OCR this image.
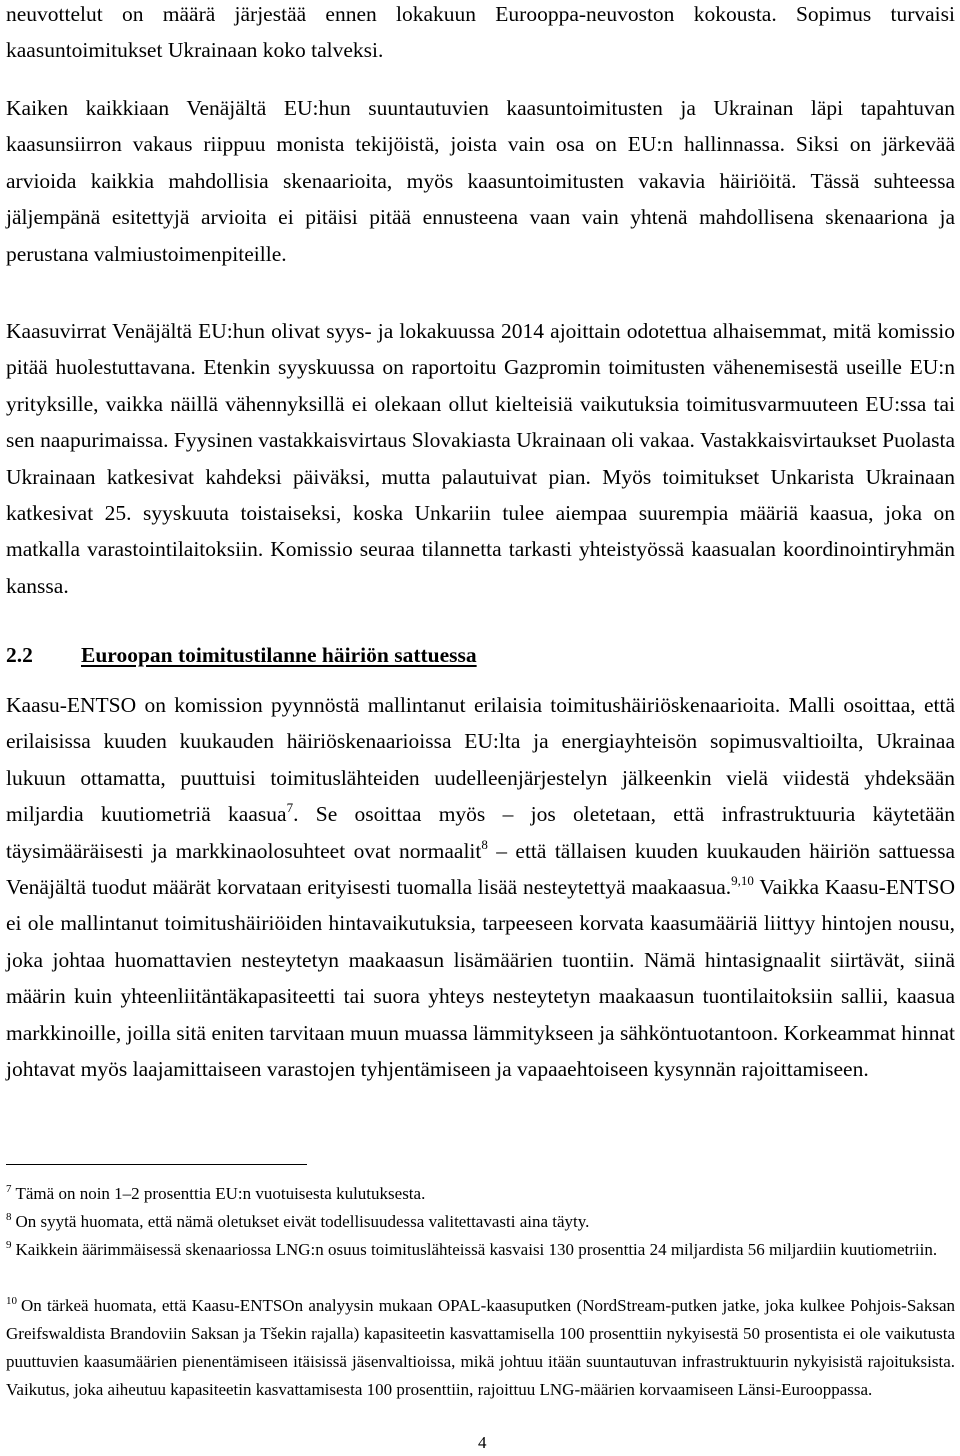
neuvottelut on määrä järjestää ennen lokakuun Eurooppa-neuvoston kokousta. Sopimus turvaisi kaasuntoimitukset Ukrainaan koko talveksi.

Kaiken kaikkiaan Venäjältä EU:hun suuntautuvien kaasuntoimitusten ja Ukrainan läpi tapahtuvan kaasunsiirron vakaus riippuu monista tekijöistä, joista vain osa on EU:n hallinnassa. Siksi on järkevää arvioida kaikkia mahdollisia skenaarioita, myös kaasuntoimitusten vakavia häiriöitä. Tässä suhteessa jäljempänä esitettyjä arvioita ei pitäisi pitää ennusteena vaan vain yhtenä mahdollisena skenaariona ja perustana valmiustoimenpiteille.

Kaasuvirrat Venäjältä EU:hun olivat syys- ja lokakuussa 2014 ajoittain odotettua alhaisemmat, mitä komissio pitää huolestuttavana. Etenkin syyskuussa on raportoitu Gazpromin toimitusten vähenemisestä useille EU:n yrityksille, vaikka näillä vähennyksillä ei olekaan ollut kielteisiä vaikutuksia toimitusvarmuuteen EU:ssa tai sen naapurimaissa. Fyysinen vastakkaisvirtaus Slovakiasta Ukrainaan oli vakaa. Vastakkaisvirtaukset Puolasta Ukrainaan katkesivat kahdeksi päiväksi, mutta palautuivat pian. Myös toimitukset Unkarista Ukrainaan katkesivat 25. syyskuuta toistaiseksi, koska Unkariin tulee aiempaa suurempia määriä kaasua, joka on matkalla varastointilaitoksiin. Komissio seuraa tilannetta tarkasti yhteistyössä kaasualan koordinointiryhmän kanssa.

2.2 Euroopan toimitustilanne häiriön sattuessa

Kaasu-ENTSO on komission pyynnöstä mallintanut erilaisia toimitushäiriöskenaarioita. Malli osoittaa, että erilaisissa kuuden kuukauden häiriöskenaarioissa EU:lta ja energiayhteisön sopimusvaltioilta, Ukrainaa lukuun ottamatta, puuttuisi toimituslähteiden uudelleenjärjestelyn jälkeenkin vielä viidestä yhdeksään miljardia kuutiometriä kaasua$^7$. Se osoittaa myös – jos oletetaan, että infrastruktuuria käytetään täysimääräisesti ja markkinaolosuhteet ovat normaalit$^8$ – että tällaisen kuuden kuukauden häiriön sattuessa Venäjältä tuodut määrät korvataan erityisesti tuomalla lisää nesteytettyä maakaasua.$^{9,10}$ Vaikka Kaasu-ENTSO ei ole mallintanut toimitushäiriöiden hintavaikutuksia, tarpeeseen korvata kaasumääriä liittyy hintojen nousu, joka johtaa huomattavien nesteytetyn maakaasun lisämäärien tuontiin. Nämä hintasignaalit siirtävät, siinä määrin kuin yhteenliitäntäkapasiteetti tai suora yhteys nesteytetyn maakaasun tuontilaitoksiin sallii, kaasua markkinoille, joilla sitä eniten tarvitaan muun muassa lämmitykseen ja sähköntuotantoon. Korkeammat hinnat johtavat myös laajamittaiseen varastojen tyhjentämiseen ja vapaaehtoiseen kysynnän rajoittamiseen.

$^7$ Tämä on noin 1–2 prosenttia EU:n vuotuisesta kulutuksesta.

$^8$ On syytä huomata, että nämä oletukset eivät todellisuudessa valitettavasti aina täyty.

$^9$ Kaikkein äärimmäisessä skenaariossa LNG:n osuus toimituslähteissä kasvaisi 130 prosenttia 24 miljardista 56 miljardiin kuutiometriin.

$^{10}$ On tärkeä huomata, että Kaasu-ENTSOn analyysin mukaan OPAL-kaasuputken (NordStream-putken jatke, joka kulkee Pohjois-Saksan Greifswaldista Brandoviin Saksan ja Tšekin rajalla) kapasiteetin kasvattamisella 100 prosenttiin nykyisestä 50 prosentista ei ole vaikutusta puuttuvien kaasumäärien pienentämiseen itäisissä jäsenvaltioissa, mikä johtuu itään suuntautuvan infrastruktuurin nykyisistä rajoituksista. Vaikutus, joka aiheutuu kapasiteetin kasvattamisesta 100 prosenttiin, rajoittuu LNG-määrien korvaamiseen Länsi-Eurooppassa.

4
